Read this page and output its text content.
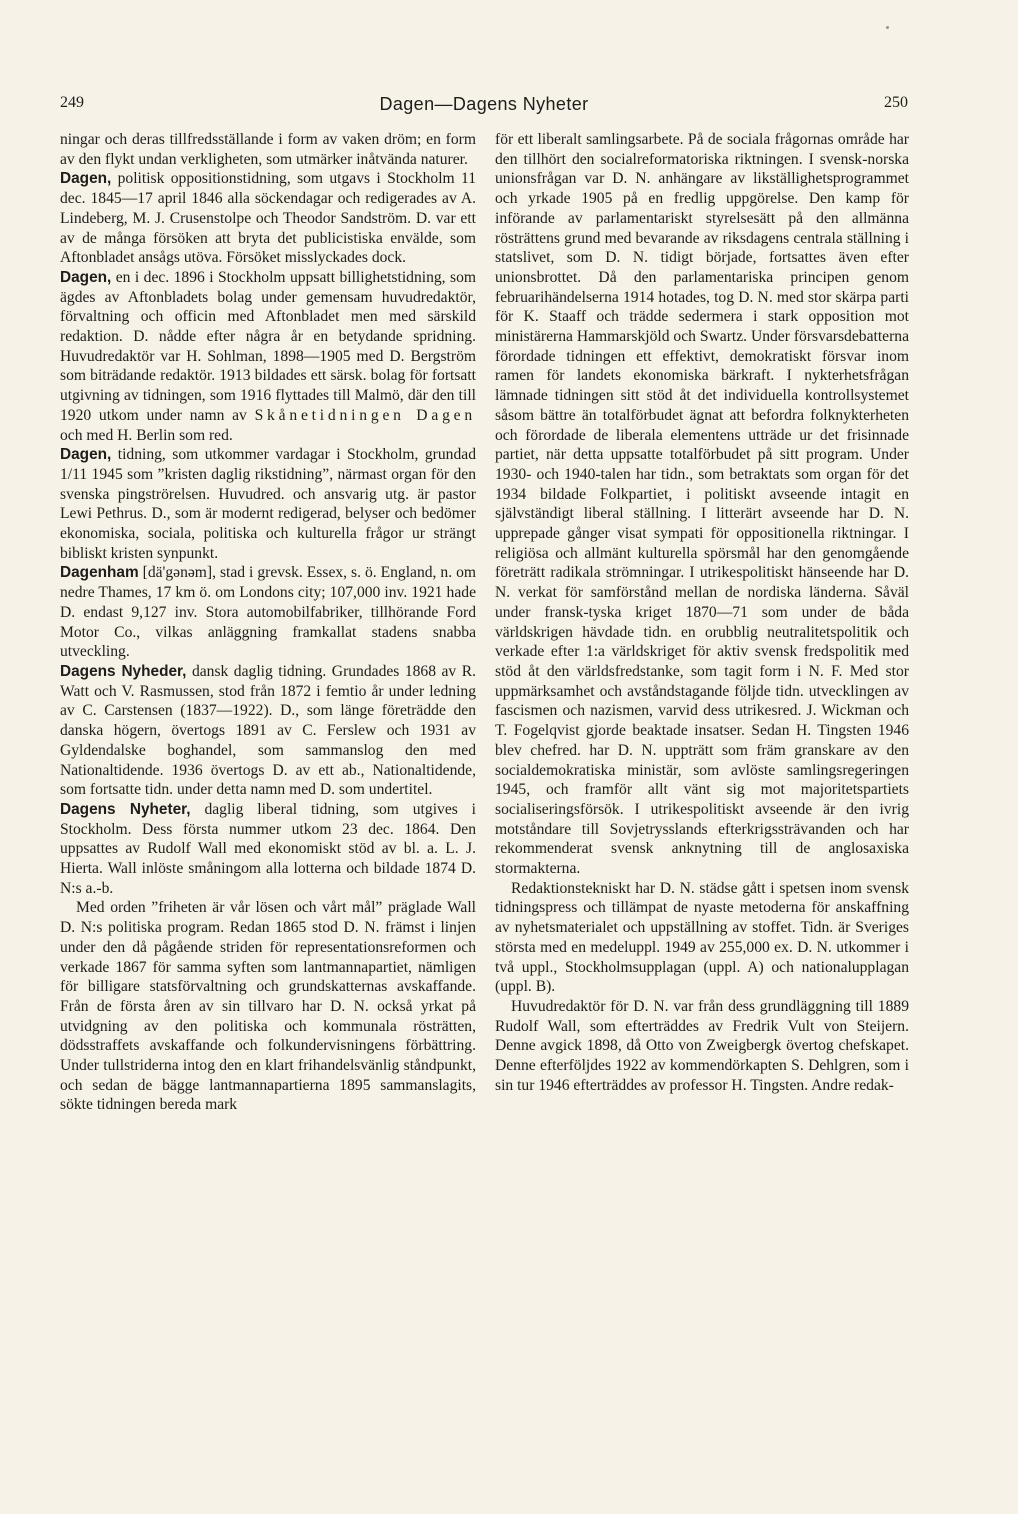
249	Dagen—Dagens Nyheter	250

ningar och deras tillfredsställande i form av vaken dröm; en form av den flykt undan verkligheten, som utmärker inåtvända naturer.

Dagen, politisk oppositionstidning, som utgavs i Stockholm 11 dec. 1845—17 april 1846 alla söckendagar och redigerades av A. Lindeberg, M. J. Crusenstolpe och Theodor Sandström. D. var ett av de många försöken att bryta det publicistiska envälde, som Aftonbladet ansågs utöva. Försöket misslyckades dock.

Dagen, en i dec. 1896 i Stockholm uppsatt billighetstidning, som ägdes av Aftonbladets bolag under gemensam huvudredaktör, förvaltning och officin med Aftonbladet men med särskild redaktion. D. nådde efter några år en betydande spridning. Huvudredaktör var H. Sohlman, 1898—1905 med D. Bergström som biträdande redaktör. 1913 bildades ett särsk. bolag för fortsatt utgivning av tidningen, som 1916 flyttades till Malmö, där den till 1920 utkom under namn av Skånetidningen Dagen och med H. Berlin som red.

Dagen, tidning, som utkommer vardagar i Stockholm, grundad 1/11 1945 som ”kristen daglig rikstidning”, närmast organ för den svenska pingströrelsen. Huvudred. och ansvarig utg. är pastor Lewi Pethrus. D., som är modernt redigerad, belyser och bedömer ekonomiska, sociala, politiska och kulturella frågor ur strängt bibliskt kristen synpunkt.

Dagenham [dä'gənəm], stad i grevsk. Essex, s. ö. England, n. om nedre Thames, 17 km ö. om Londons city; 107,000 inv. 1921 hade D. endast 9,127 inv. Stora automobilfabriker, tillhörande Ford Motor Co., vilkas anläggning framkallat stadens snabba utveckling.

Dagens Nyheder, dansk daglig tidning. Grundades 1868 av R. Watt och V. Rasmussen, stod från 1872 i femtio år under ledning av C. Carstensen (1837—1922). D., som länge företrädde den danska högern, övertogs 1891 av C. Ferslew och 1931 av Gyldendalske boghandel, som sammanslog den med Nationaltidende. 1936 övertogs D. av ett ab., Nationaltidende, som fortsatte tidn. under detta namn med D. som undertitel.

Dagens Nyheter, daglig liberal tidning, som utgives i Stockholm. Dess första nummer utkom 23 dec. 1864. Den uppsattes av Rudolf Wall med ekonomiskt stöd av bl. a. L. J. Hierta. Wall inlöste småningom alla lotterna och bildade 1874 D. N:s a.-b.

Med orden ”friheten är vår lösen och vårt mål” präglade Wall D. N:s politiska program. Redan 1865 stod D. N. främst i linjen under den då pågående striden för representationsreformen och verkade 1867 för samma syften som lantmannapartiet, nämligen för billigare statsförvaltning och grundskatternas avskaffande. Från de första åren av sin tillvaro har D. N. också yrkat på utvidgning av den politiska och kommunala rösträtten, dödsstraffets avskaffande och folkundervisningens förbättring. Under tullstriderna intog den en klart frihandelsvänlig ståndpunkt, och sedan de bägge lantmannapartierna 1895 sammanslagits, sökte tidningen bereda mark

för ett liberalt samlingsarbete. På de sociala frågornas område har den tillhört den socialreformatoriska riktningen. I svensk-norska unionsfrågan var D. N. anhängare av likställighetsprogrammet och yrkade 1905 på en fredlig uppgörelse. Den kamp för införande av parlamentariskt styrelsesätt på den allmänna rösträttens grund med bevarande av riksdagens centrala ställning i statslivet, som D. N. tidigt började, fortsattes även efter unionsbrottet. Då den parlamentariska principen genom februarihändelserna 1914 hotades, tog D. N. med stor skärpa parti för K. Staaff och trädde sedermera i stark opposition mot ministärerna Hammarskjöld och Swartz. Under försvarsdebatterna förordade tidningen ett effektivt, demokratiskt försvar inom ramen för landets ekonomiska bärkraft. I nykterhetsfrågan lämnade tidningen sitt stöd åt det individuella kontrollsystemet såsom bättre än totalförbudet ägnat att befordra folknykterheten och förordade de liberala elementens utträde ur det frisinnade partiet, när detta uppsatte totalförbudet på sitt program. Under 1930- och 1940-talen har tidn., som betraktats som organ för det 1934 bildade Folkpartiet, i politiskt avseende intagit en självständigt liberal ställning. I litterärt avseende har D. N. upprepade gånger visat sympati för oppositionella riktningar. I religiösa och allmänt kulturella spörsmål har den genomgående företrätt radikala strömningar. I utrikespolitiskt hänseende har D. N. verkat för samförstånd mellan de nordiska länderna. Såväl under fransk-tyska kriget 1870—71 som under de båda världskrigen hävdade tidn. en orubblig neutralitetspolitik och verkade efter 1:a världskriget för aktiv svensk fredspolitik med stöd åt den världsfredstanke, som tagit form i N. F. Med stor uppmärksamhet och avståndstagande följde tidn. utvecklingen av fascismen och nazismen, varvid dess utrikesred. J. Wickman och T. Fogelqvist gjorde beaktade insatser. Sedan H. Tingsten 1946 blev chefred. har D. N. uppträtt som främ granskare av den socialdemokratiska ministär, som avlöste samlingsregeringen 1945, och framför allt vänt sig mot majoritetspartiets socialiseringsförsök. I utrikespolitiskt avseende är den ivrig motståndare till Sovjetrysslands efterkrigssträvanden och har rekommenderat svensk anknytning till de anglosaxiska stormakterna.

Redaktionstekniskt har D. N. städse gått i spetsen inom svensk tidningspress och tillämpat de nyaste metoderna för anskaffning av nyhetsmaterialet och uppställning av stoffet. Tidn. är Sveriges största med en medeluppl. 1949 av 255,000 ex. D. N. utkommer i två uppl., Stockholmsupplagan (uppl. A) och nationalupplagan (uppl. B).

Huvudredaktör för D. N. var från dess grundläggning till 1889 Rudolf Wall, som efterträddes av Fredrik Vult von Steijern. Denne avgick 1898, då Otto von Zweigbergk övertog chefskapet. Denne efterföljdes 1922 av kommendörkapten S. Dehlgren, som i sin tur 1946 efterträddes av professor H. Tingsten. Andre redak-
